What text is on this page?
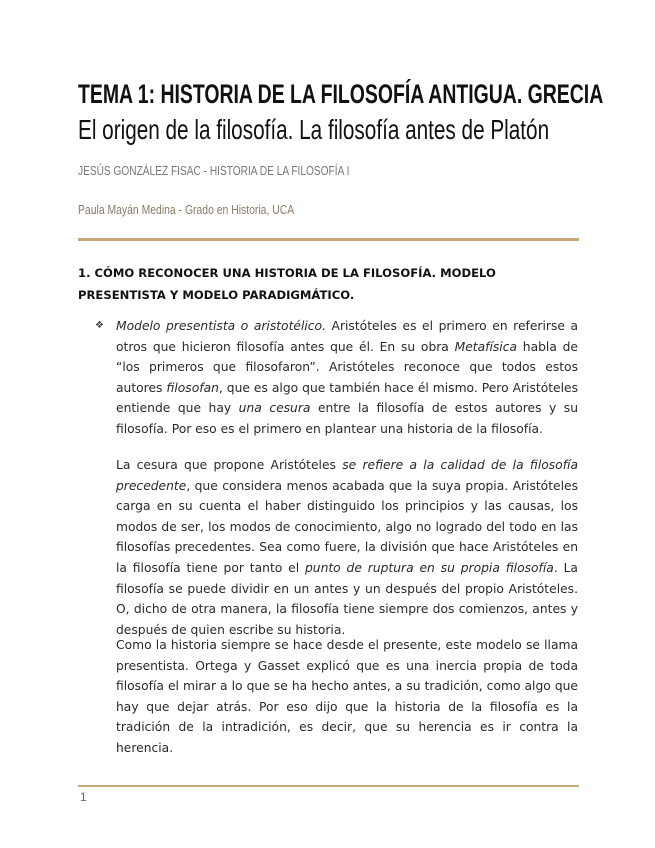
TEMA 1: HISTORIA DE LA FILOSOFÍA ANTIGUA. GRECIA
El origen de la filosofía. La filosofía antes de Platón
JESÚS GONZÁLEZ FISAC - HISTORIA DE LA FILOSOFÍA I
Paula Mayán Medina - Grado en Historia, UCA
1. CÓMO RECONOCER UNA HISTORIA DE LA FILOSOFÍA. MODELO PRESENTISTA Y MODELO PARADIGMÁTICO.
❖ Modelo presentista o aristotélico. Aristóteles es el primero en referirse a otros que hicieron filosofía antes que él. En su obra Metafísica habla de “los primeros que filosofaron”. Aristóteles reconoce que todos estos autores filosofan, que es algo que también hace él mismo. Pero Aristóteles entiende que hay una cesura entre la filosofía de estos autores y su filosofía. Por eso es el primero en plantear una historia de la filosofía.
La cesura que propone Aristóteles se refiere a la calidad de la filosofía precedente, que considera menos acabada que la suya propia. Aristóteles carga en su cuenta el haber distinguido los principios y las causas, los modos de ser, los modos de conocimiento, algo no logrado del todo en las filosofías precedentes. Sea como fuere, la división que hace Aristóteles en la filosofía tiene por tanto el punto de ruptura en su propia filosofía. La filosofía se puede dividir en un antes y un después del propio Aristóteles. O, dicho de otra manera, la filosofía tiene siempre dos comienzos, antes y después de quien escribe su historia.
Como la historia siempre se hace desde el presente, este modelo se llama presentista. Ortega y Gasset explicó que es una inercia propia de toda filosofía el mirar a lo que se ha hecho antes, a su tradición, como algo que hay que dejar atrás. Por eso dijo que la historia de la filosofía es la tradición de la intradición, es decir, que su herencia es ir contra la herencia.
1
